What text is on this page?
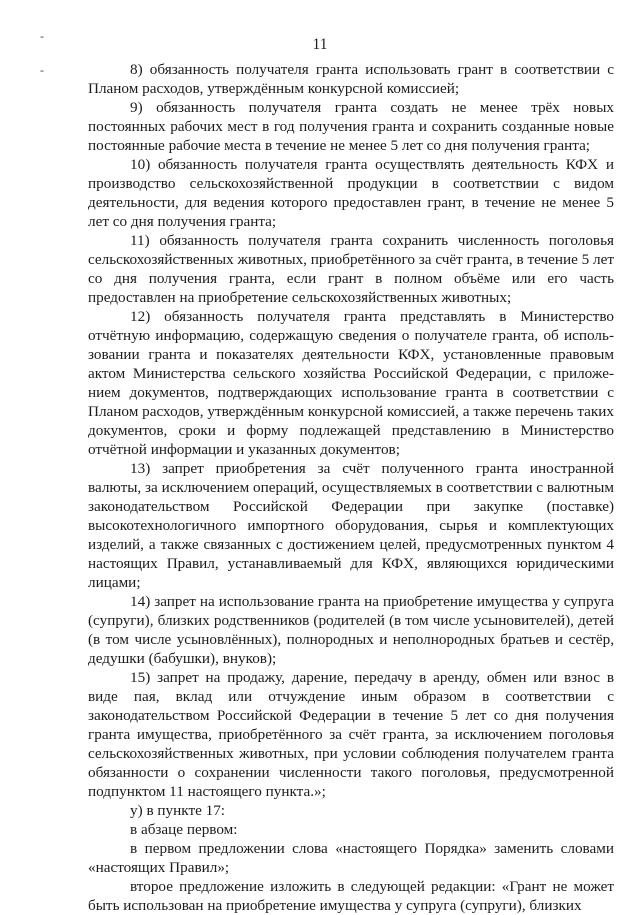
-
-
11

8) обязанность получателя гранта использовать грант в соответствии с Планом расходов, утверждённым конкурсной комиссией;

9) обязанность получателя гранта создать не менее трёх новых постоянных рабочих мест в год получения гранта и сохранить созданные новые постоянные рабочие места в течение не менее 5 лет со дня получения гранта;

10) обязанность получателя гранта осуществлять деятельность КФХ и производство сельскохозяйственной продукции в соответствии с видом деятельности, для ведения которого предоставлен грант, в течение не менее 5 лет со дня получения гранта;

11) обязанность получателя гранта сохранить численность поголовья сельскохозяйственных животных, приобретённого за счёт гранта, в течение 5 лет со дня получения гранта, если грант в полном объёме или его часть предоставлен на приобретение сельскохозяйственных животных;

12) обязанность получателя гранта представлять в Министерство отчётную информацию, содержащую сведения о получателе гранта, об использовании гранта и показателях деятельности КФХ, установленные правовым актом Министерства сельского хозяйства Российской Федерации, с приложением документов, подтверждающих использование гранта в соответствии с Планом расходов, утверждённым конкурсной комиссией, а также перечень таких документов, сроки и форму подлежащей представлению в Министерство отчётной информации и указанных документов;

13) запрет приобретения за счёт полученного гранта иностранной валюты, за исключением операций, осуществляемых в соответствии с валютным законодательством Российской Федерации при закупке (поставке) высокотехнологичного импортного оборудования, сырья и комплектующих изделий, а также связанных с достижением целей, предусмотренных пунктом 4 настоящих Правил, устанавливаемый для КФХ, являющихся юридическими лицами;

14) запрет на использование гранта на приобретение имущества у супруга (супруги), близких родственников (родителей (в том числе усыновителей), детей (в том числе усыновлённых), полнородных и неполнородных братьев и сестёр, дедушки (бабушки), внуков);

15) запрет на продажу, дарение, передачу в аренду, обмен или взнос в виде пая, вклад или отчуждение иным образом в соответствии с законодательством Российской Федерации в течение 5 лет со дня получения гранта имущества, приобретённого за счёт гранта, за исключением поголовья сельскохозяйственных животных, при условии соблюдения получателем гранта обязанности о сохранении численности такого поголовья, предусмотренной подпунктом 11 настоящего пункта.»;

у) в пункте 17:

в абзаце первом:

в первом предложении слова «настоящего Порядка» заменить словами «настоящих Правил»;

второе предложение изложить в следующей редакции: «Грант не может быть использован на приобретение имущества у супруга (супруги), близких
